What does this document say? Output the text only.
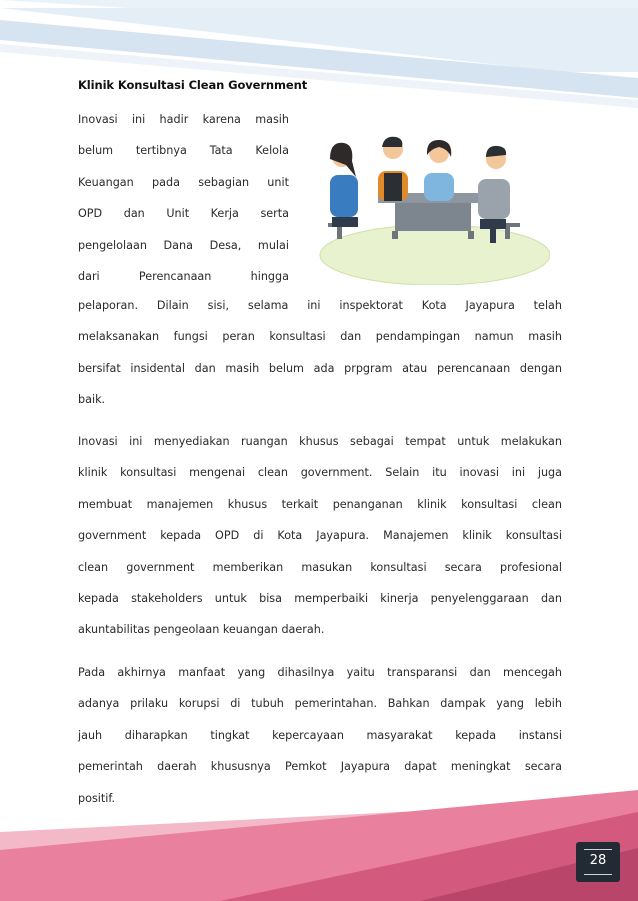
Klinik Konsultasi Clean Government
Inovasi ini hadir karena masih
belum tertibnya Tata Kelola
Keuangan pada sebagian unit
OPD dan Unit Kerja serta
pengelolaan Dana Desa, mulai
dari Perencanaan hingga
pelaporan. Dilain sisi, selama ini inspektorat Kota Jayapura telah
melaksanakan fungsi peran konsultasi dan pendampingan namun masih
bersifat insidental dan masih belum ada prpgram atau perencanaan dengan
baik.
Inovasi ini menyediakan ruangan khusus sebagai tempat untuk melakukan
klinik konsultasi mengenai clean government. Selain itu inovasi ini juga
membuat manajemen khusus terkait penanganan klinik konsultasi clean
government kepada OPD di Kota Jayapura. Manajemen klinik konsultasi
clean government memberikan masukan konsultasi secara profesional
kepada stakeholders untuk bisa memperbaiki kinerja penyelenggaraan dan
akuntabilitas pengeolaan keuangan daerah.
Pada akhirnya manfaat yang dihasilnya yaitu transparansi dan mencegah
adanya prilaku korupsi di tubuh pemerintahan. Bahkan dampak yang lebih
jauh diharapkan tingkat kepercayaan masyarakat kepada instansi
pemerintah daerah khususnya Pemkot Jayapura dapat meningkat secara
positif.
28
